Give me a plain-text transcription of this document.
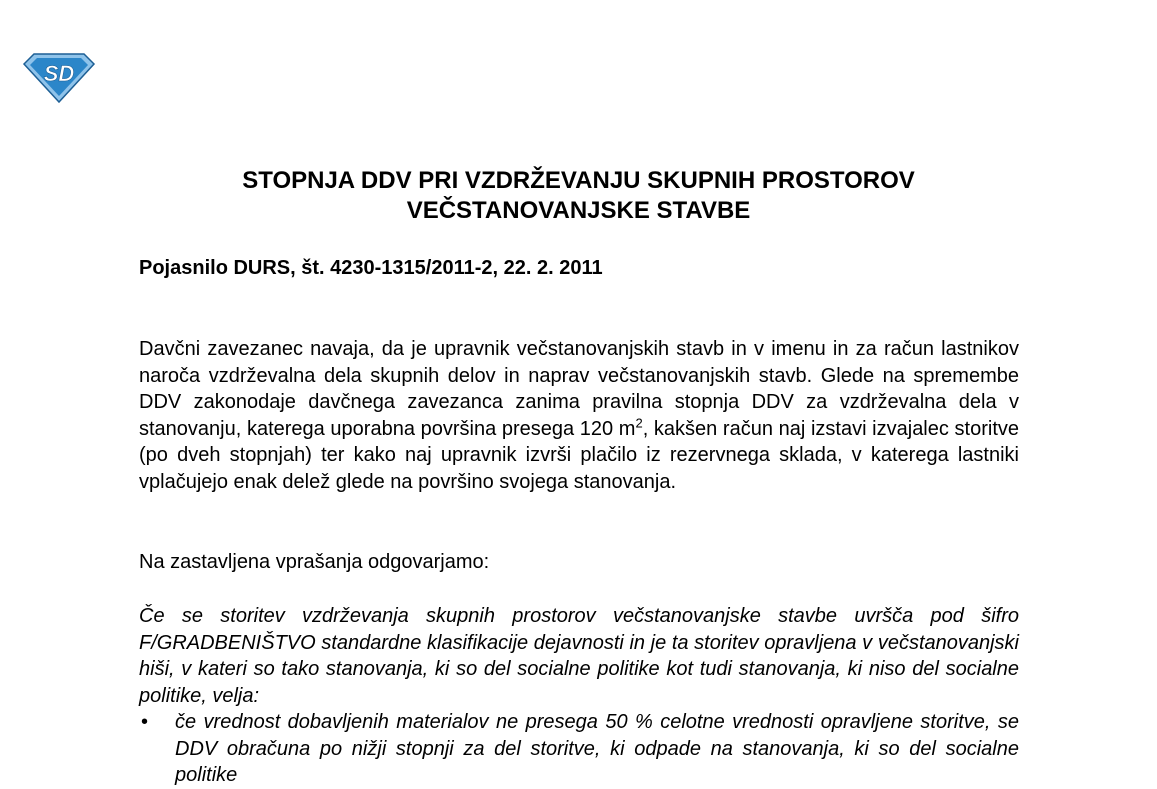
SD
STOPNJA DDV PRI VZDRŽEVANJU SKUPNIH PROSTOROV
VEČSTANOVANJSKE STAVBE

Pojasnilo DURS, št. 4230-1315/2011-2, 22. 2. 2011

Davčni zavezanec navaja, da je upravnik večstanovanjskih stavb in v imenu in za račun lastnikov naroča vzdrževalna dela skupnih delov in naprav večstanovanjskih stavb. Glede na spremembe DDV zakonodaje davčnega zavezanca zanima pravilna stopnja DDV za vzdrževalna dela v stanovanju, katerega uporabna površina presega 120 $m^2$, kakšen račun naj izstavi izvajalec storitve (po dveh stopnjah) ter kako naj upravnik izvrši plačilo iz rezervnega sklada, v katerega lastniki vplačujejo enak delež glede na površino svojega stanovanja.

Na zastavljena vprašanja odgovarjamo:

Če se storitev vzdrževanja skupnih prostorov večstanovanjske stavbe uvršča pod šifro F/GRADBENIŠTVO standardne klasifikacije dejavnosti in je ta storitev opravljena v večstanovanjski hiši, v kateri so tako stanovanja, ki so del socialne politike kot tudi stanovanja, ki niso del socialne politike, velja:

• če vrednost dobavljenih materialov ne presega 50 % celotne vrednosti opravljene storitve, se DDV obračuna po nižji stopnji za del storitve, ki odpade na stanovanja, ki so del socialne politike
